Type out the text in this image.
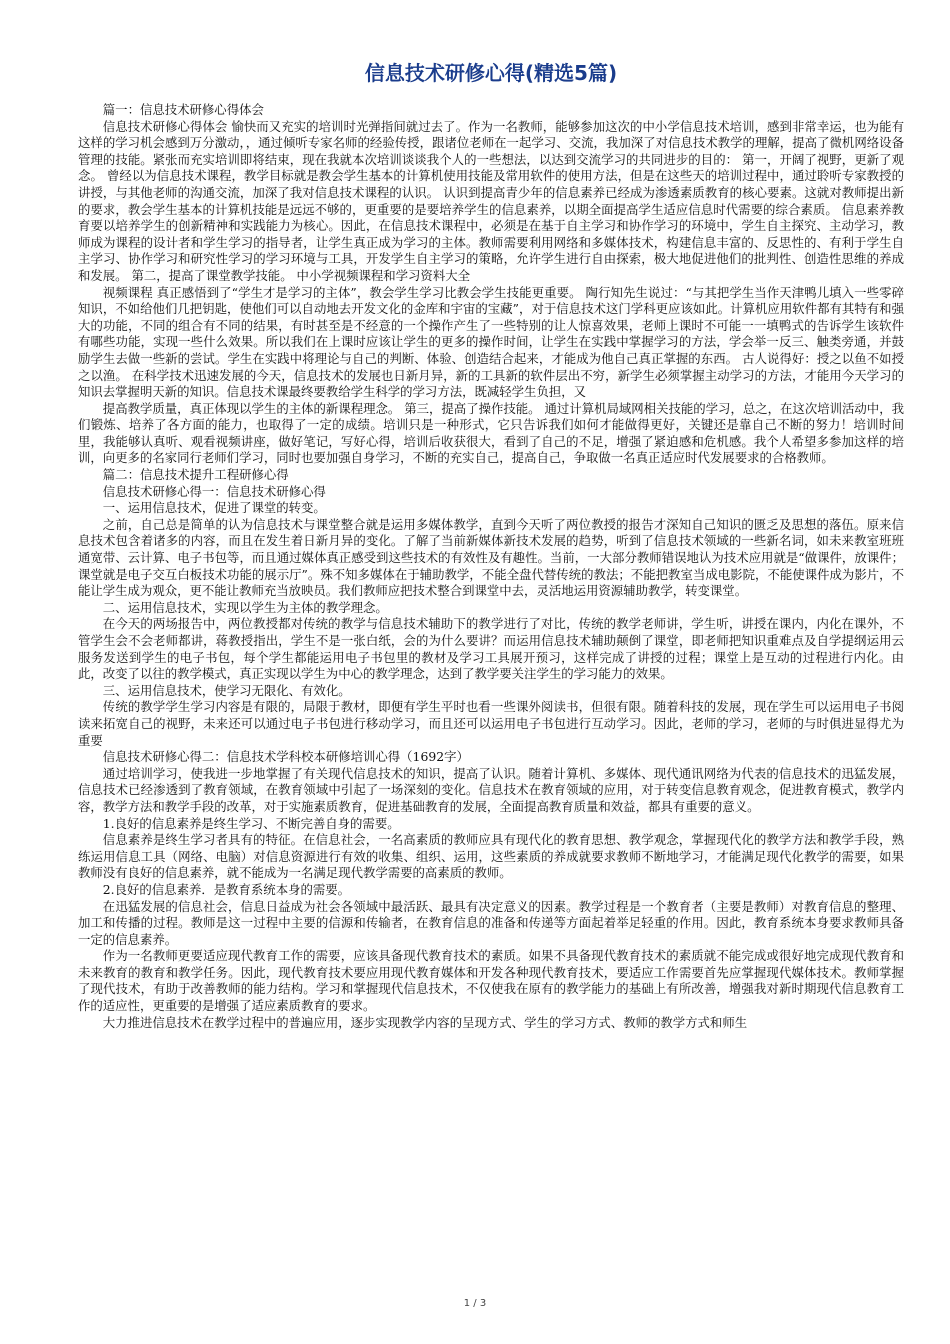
信息技术研修心得(精选5篇)

篇一：信息技术研修心得体会

信息技术研修心得体会 愉快而又充实的培训时光弹指间就过去了。作为一名教师，能够参加这次的中小学信息技术培训，感到非常幸运，也为能有这样的学习机会感到万分激动，，通过倾听专家名师的经验传授，跟诸位老师在一起学习、交流，我加深了对信息技术教学的理解，提高了微机网络设备管理的技能。紧张而充实培训即将结束，现在我就本次培训谈谈我个人的一些想法，以达到交流学习的共同进步的目的： 第一，开阔了视野，更新了观念。 曾经以为信息技术课程，教学目标就是教会学生基本的计算机使用技能及常用软件的使用方法，但是在这些天的培训过程中，通过聆听专家教授的讲授，与其他老师的沟通交流，加深了我对信息技术课程的认识。 认识到提高青少年的信息素养已经成为渗透素质教育的核心要素。这就对教师提出新的要求，教会学生基本的计算机技能是远远不够的，更重要的是要培养学生的信息素养，以期全面提高学生适应信息时代需要的综合素质。 信息素养教育要以培养学生的创新精神和实践能力为核心。因此，在信息技术课程中，必须是在基于自主学习和协作学习的环境中，学生自主探究、主动学习，教师成为课程的设计者和学生学习的指导者，让学生真正成为学习的主体。教师需要利用网络和多媒体技术，构建信息丰富的、反思性的、有利于学生自主学习、协作学习和研究性学习的学习环境与工具，开发学生自主学习的策略，允许学生进行自由探索，极大地促进他们的批判性、创造性思维的养成和发展。 第二，提高了课堂教学技能。 中小学视频课程和学习资料大全

视频课程 真正感悟到了“学生才是学习的主体”，教会学生学习比教会学生技能更重要。 陶行知先生说过：“与其把学生当作天津鸭儿填入一些零碎知识，不如给他们几把钥匙，使他们可以自动地去开发文化的金库和宇宙的宝藏”，对于信息技术这门学科更应该如此。计算机应用软件都有其特有和强大的功能，不同的组合有不同的结果，有时甚至是不经意的一个操作产生了一些特别的让人惊喜效果，老师上课时不可能一一填鸭式的告诉学生该软件有哪些功能，实现一些什么效果。所以我们在上课时应该让学生的更多的操作时间，让学生在实践中掌握学习的方法，学会举一反三、触类旁通，并鼓励学生去做一些新的尝试。学生在实践中将理论与自己的判断、体验、创造结合起来，才能成为他自己真正掌握的东西。 古人说得好：授之以鱼不如授之以渔。 在科学技术迅速发展的今天，信息技术的发展也日新月异，新的工具新的软件层出不穷，新学生必须掌握主动学习的方法，才能用今天学习的知识去掌握明天新的知识。信息技术课最终要教给学生科学的学习方法，既减轻学生负担，又

提高教学质量，真正体现以学生的主体的新课程理念。 第三，提高了操作技能。 通过计算机局域网相关技能的学习，总之，在这次培训活动中，我们锻炼、培养了各方面的能力，也取得了一定的成绩。培训只是一种形式，它只告诉我们如何才能做得更好，关键还是靠自己不断的努力！培训时间里，我能够认真听、观看视频讲座，做好笔记，写好心得，培训后收获很大，看到了自己的不足，增强了紧迫感和危机感。我个人希望多参加这样的培训，向更多的名家同行老师们学习，同时也要加强自身学习，不断的充实自己，提高自己，争取做一名真正适应时代发展要求的合格教师。

篇二：信息技术提升工程研修心得

信息技术研修心得一：信息技术研修心得

一、运用信息技术，促进了课堂的转变。

之前，自己总是简单的认为信息技术与课堂整合就是运用多媒体教学，直到今天听了两位教授的报告才深知自己知识的匮乏及思想的落伍。原来信息技术包含着诸多的内容，而且在发生着日新月异的变化。了解了当前新媒体新技术发展的趋势，听到了信息技术领域的一些新名词，如未来教室班班通宽带、云计算、电子书包等，而且通过媒体真正感受到这些技术的有效性及有趣性。当前，一大部分教师错误地认为技术应用就是“做课件，放课件；课堂就是电子交互白板技术功能的展示厅”。殊不知多媒体在于辅助教学，不能全盘代替传统的教法；不能把教室当成电影院，不能使课件成为影片，不能让学生成为观众，更不能让教师充当放映员。我们教师应把技术整合到课堂中去，灵活地运用资源辅助教学，转变课堂。

二、运用信息技术，实现以学生为主体的教学理念。

在今天的两场报告中，两位教授都对传统的教学与信息技术辅助下的教学进行了对比，传统的教学老师讲，学生听，讲授在课内，内化在课外，不管学生会不会老师都讲，蒋教授指出，学生不是一张白纸，会的为什么要讲？而运用信息技术辅助颠倒了课堂，即老师把知识重难点及自学提纲运用云服务发送到学生的电子书包，每个学生都能运用电子书包里的教材及学习工具展开预习，这样完成了讲授的过程；课堂上是互动的过程进行内化。由此，改变了以往的教学模式，真正实现以学生为中心的教学理念，达到了教学要关注学生的学习能力的效果。

三、运用信息技术，使学习无限化、有效化。

传统的教学学生学习内容是有限的，局限于教材，即便有学生平时也看一些课外阅读书，但很有限。随着科技的发展，现在学生可以运用电子书阅读来拓宽自己的视野，未来还可以通过电子书包进行移动学习，而且还可以运用电子书包进行互动学习。因此，老师的学习，老师的与时俱进显得尤为重要

信息技术研修心得二：信息技术学科校本研修培训心得（1692字）

通过培训学习，使我进一步地掌握了有关现代信息技术的知识，提高了认识。随着计算机、多媒体、现代通讯网络为代表的信息技术的迅猛发展，信息技术已经渗透到了教育领域，在教育领域中引起了一场深刻的变化。信息技术在教育领域的应用，对于转变信息教育观念，促进教育模式，教学内容，教学方法和教学手段的改革，对于实施素质教育，促进基础教育的发展，全面提高教育质量和效益，都具有重要的意义。

1.良好的信息素养是终生学习、不断完善自身的需要。

信息素养是终生学习者具有的特征。在信息社会，一名高素质的教师应具有现代化的教育思想、教学观念，掌握现代化的教学方法和教学手段，熟练运用信息工具（网络、电脑）对信息资源进行有效的收集、组织、运用，这些素质的养成就要求教师不断地学习，才能满足现代化教学的需要，如果教师没有良好的信息素养，就不能成为一名满足现代教学需要的高素质的教师。

2.良好的信息素养．是教育系统本身的需要。

在迅猛发展的信息社会，信息日益成为社会各领域中最活跃、最具有决定意义的因素。教学过程是一个教育者（主要是教师）对教育信息的整理、加工和传播的过程。教师是这一过程中主要的信源和传输者，在教育信息的准备和传递等方面起着举足轻重的作用。因此，教育系统本身要求教师具备一定的信息素养。

作为一名教师更要适应现代教育工作的需要，应该具备现代教育技术的素质。如果不具备现代教育技术的素质就不能完成或很好地完成现代教育和未来教育的教育和教学任务。因此，现代教育技术要应用现代教育媒体和开发各种现代教育技术，要适应工作需要首先应掌握现代媒体技术。教师掌握了现代技术，有助于改善教师的能力结构。学习和掌握现代信息技术，不仅使我在原有的教学能力的基础上有所改善，增强我对新时期现代信息教育工作的适应性，更重要的是增强了适应素质教育的要求。

大力推进信息技术在教学过程中的普遍应用，逐步实现教学内容的呈现方式、学生的学习方式、教师的教学方式和师生

1 / 3
